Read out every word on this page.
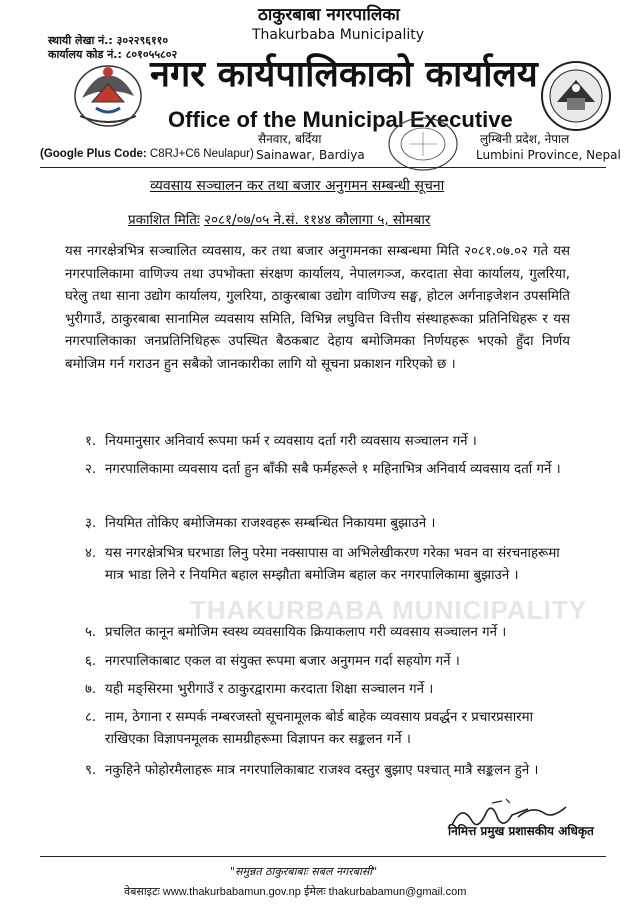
THAKURBABA MUNICIPALITY
स्थायी लेखा नं.: ३०२२९६११०
कार्यालय कोड नं.: ८०१०५५८०२
ठाकुरबाबा नगरपालिका
Thakurbaba Municipality
नगर कार्यपालिकाको कार्यालय
Office of the Municipal Executive
सैनवार, बर्दिया
Sainawar, Bardiya
लुम्बिनी प्रदेश, नेपाल
Lumbini Province, Nepal
(Google Plus Code: C8RJ+C6 Neulapur)
व्यवसाय सञ्चालन कर तथा बजार अनुगमन सम्बन्धी सूचना
प्रकाशित मितिः २०८१/०७/०५ ने.सं. ११४४ कौलागा ५, सोमबार
यस नगरक्षेत्रभित्र सञ्चालित व्यवसाय, कर तथा बजार अनुगमनका सम्बन्धमा मिति २०८१.०७.०२ गते यस नगरपालिकामा वाणिज्य तथा उपभोक्ता संरक्षण कार्यालय, नेपालगञ्ज, करदाता सेवा कार्यालय, गुलरिया, घरेलु तथा साना उद्योग कार्यालय, गुलरिया, ठाकुरबाबा उद्योग वाणिज्य सङ्घ, होटल अर्गनाइजेशन उपसमिति भुरीगाउँ, ठाकुरबाबा सानामिल व्यवसाय समिति, विभिन्न लघुवित्त वित्तीय संस्थाहरूका प्रतिनिधिहरू र यस नगरपालिकाका जनप्रतिनिधिहरू उपस्थित बैठकबाट देहाय बमोजिमका निर्णयहरू भएको हुँदा निर्णय बमोजिम गर्न गराउन हुन सबैको जानकारीका लागि यो सूचना प्रकाशन गरिएको छ ।
१. नियमानुसार अनिवार्य रूपमा फर्म र व्यवसाय दर्ता गरी व्यवसाय सञ्चालन गर्ने ।
२. नगरपालिकामा व्यवसाय दर्ता हुन बाँकी सबै फर्महरूले १ महिनाभित्र अनिवार्य व्यवसाय दर्ता गर्ने ।
३. नियमित तोकिए बमोजिमका राजश्वहरू सम्बन्धित निकायमा बुझाउने ।
४. यस नगरक्षेत्रभित्र घरभाडा लिनु परेमा नक्सापास वा अभिलेखीकरण गरेका भवन वा संरचनाहरूमा मात्र भाडा लिने र नियमित बहाल सम्झौता बमोजिम बहाल कर नगरपालिकामा बुझाउने ।
५. प्रचलित कानून बमोजिम स्वस्थ व्यवसायिक क्रियाकलाप गरी व्यवसाय सञ्चालन गर्ने ।
६. नगरपालिकाबाट एकल वा संयुक्त रूपमा बजार अनुगमन गर्दा सहयोग गर्ने ।
७. यही मङ्सिरमा भुरीगाउँ र ठाकुरद्वारामा करदाता शिक्षा सञ्चालन गर्ने ।
८. नाम, ठेगाना र सम्पर्क नम्बरजस्तो सूचनामूलक बोर्ड बाहेक व्यवसाय प्रवर्द्धन र प्रचारप्रसारमा राखिएका विज्ञापनमूलक सामग्रीहरूमा विज्ञापन कर सङ्कलन गर्ने ।
९. नकुहिने फोहोरमैलाहरू मात्र नगरपालिकाबाट राजश्व दस्तुर बुझाए पश्चात् मात्रै सङ्कलन हुने ।
निमित्त प्रमुख प्रशासकीय अधिकृत
"समुन्नत ठाकुरबाबाः सबल नगरबासी"
वेबसाइटः www.thakurbabamun.gov.np ईमेलः thakurbabamun@gmail.com
